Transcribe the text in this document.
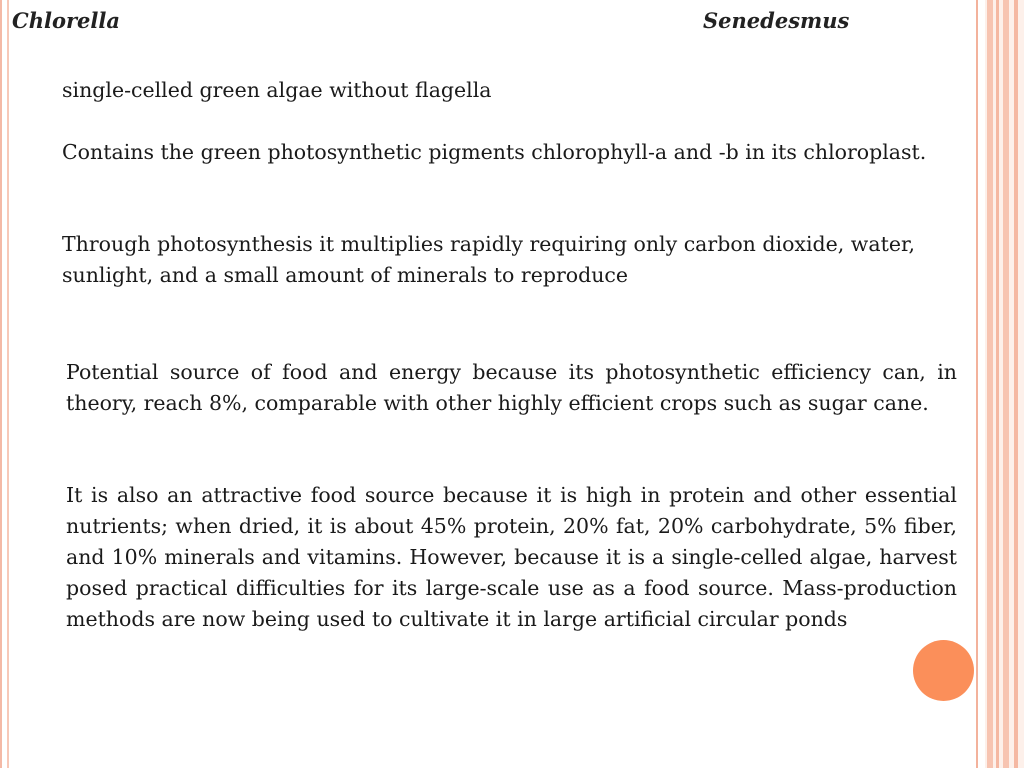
Chlorella	Senedesmus

single-celled green algae without flagella

Contains the green photosynthetic pigments chlorophyll-a and -b in its chloroplast.

Through photosynthesis it multiplies rapidly requiring only carbon dioxide, water, sunlight, and a small amount of minerals to reproduce

Potential source of food and energy because its photosynthetic efficiency can, in theory, reach 8%, comparable with other highly efficient crops such as sugar cane.

It is also an attractive food source because it is high in protein and other essential nutrients; when dried, it is about 45% protein, 20% fat, 20% carbohydrate, 5% fiber, and 10% minerals and vitamins. However, because it is a single-celled algae, harvest posed practical difficulties for its large-scale use as a food source. Mass-production methods are now being used to cultivate it in large artificial circular ponds
